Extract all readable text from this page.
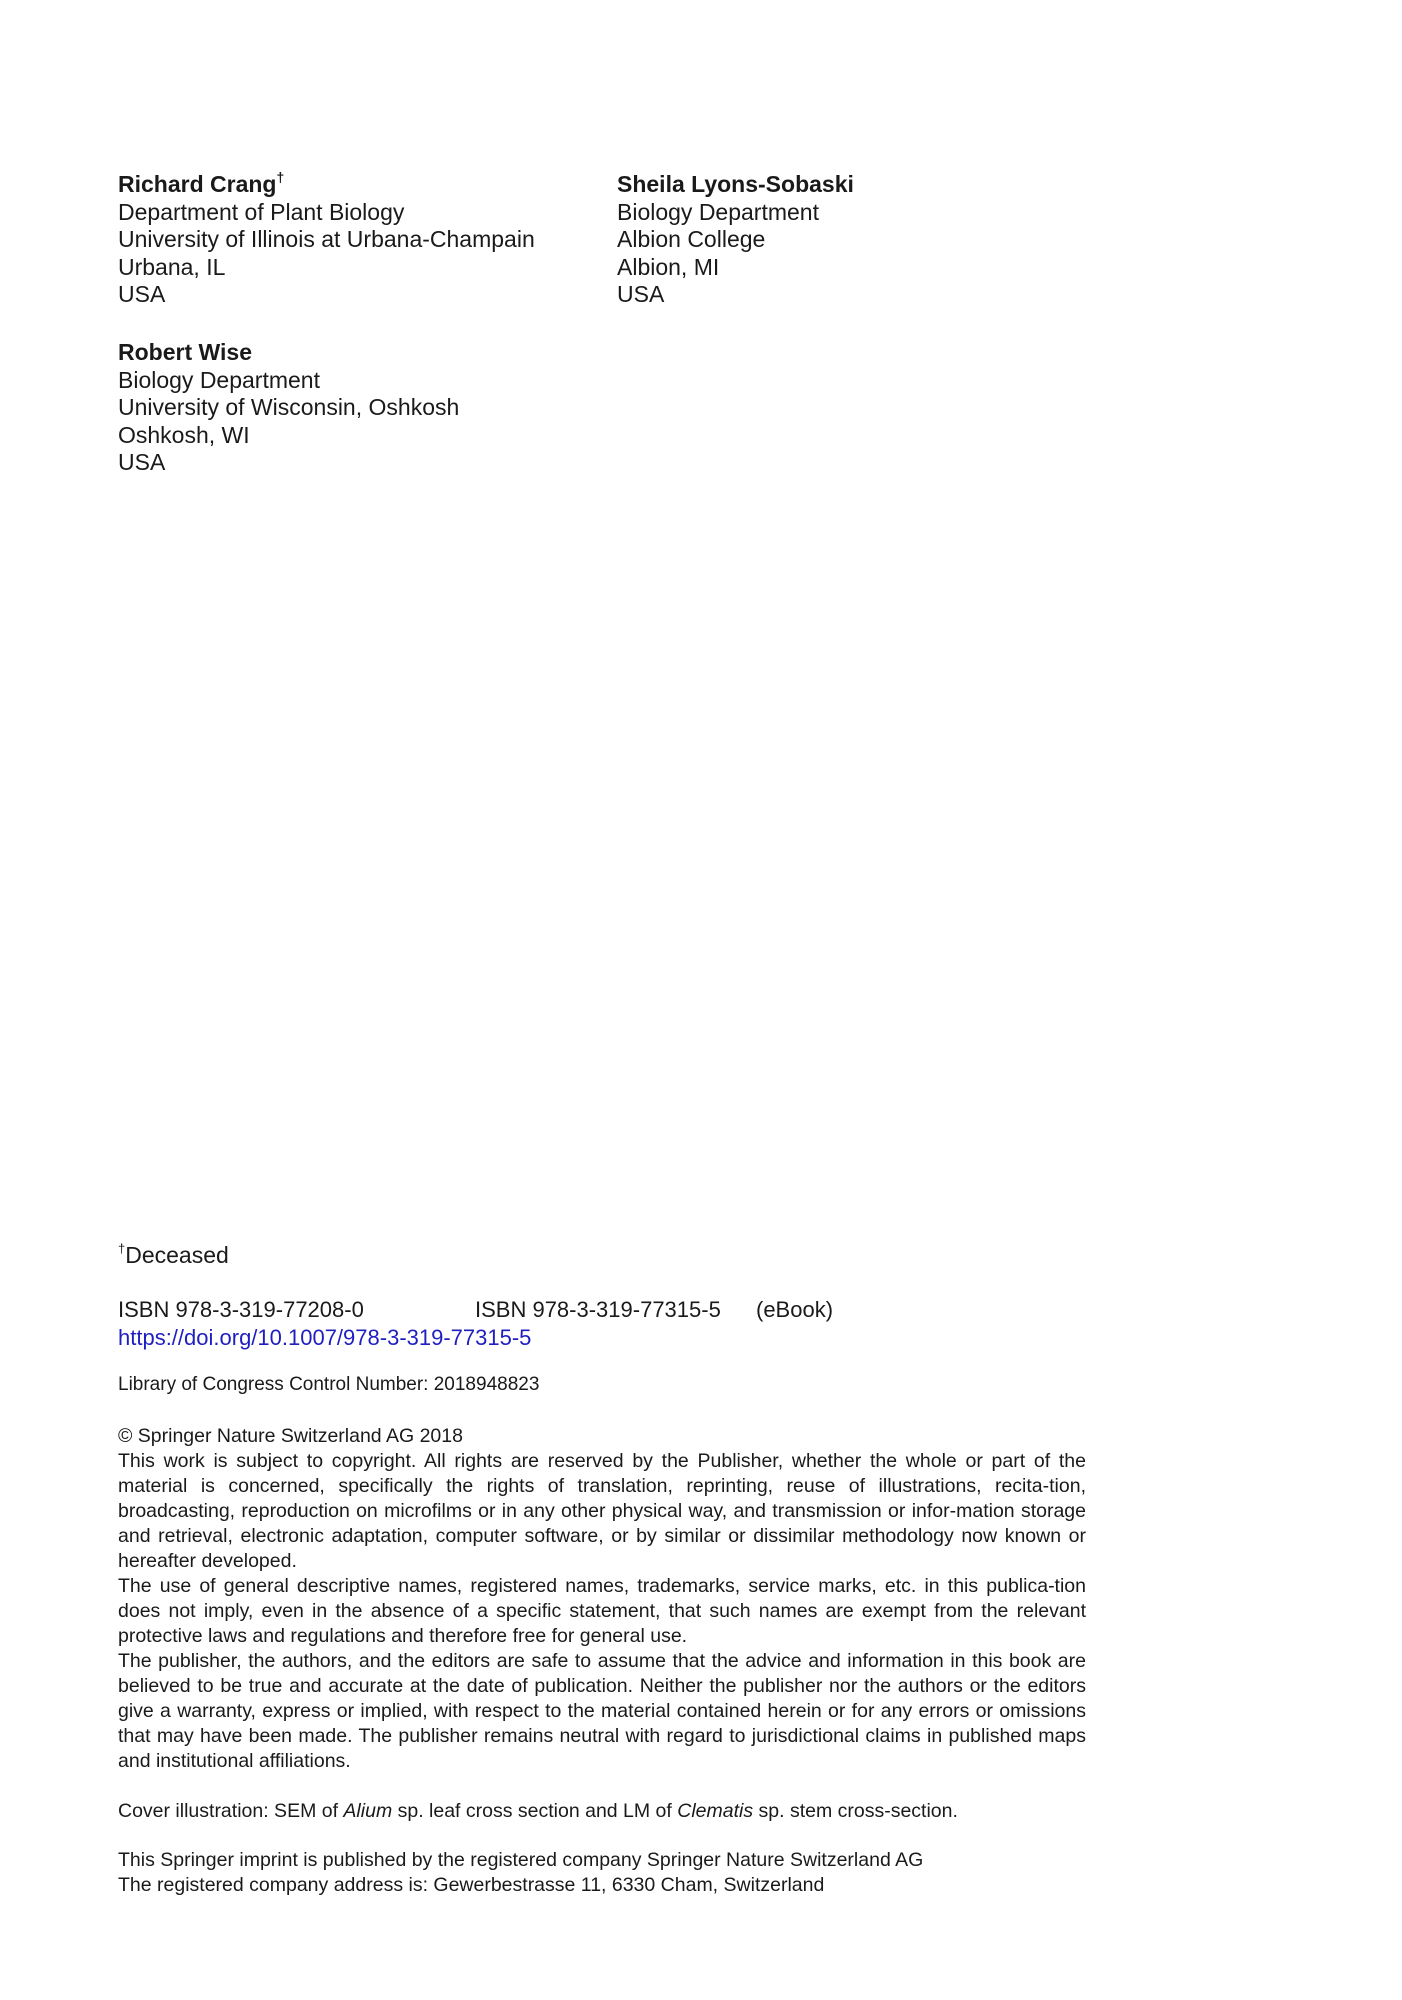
Richard Crang†
Department of Plant Biology
University of Illinois at Urbana-Champain
Urbana, IL
USA
Sheila Lyons-Sobaski
Biology Department
Albion College
Albion, MI
USA
Robert Wise
Biology Department
University of Wisconsin, Oshkosh
Oshkosh, WI
USA
†Deceased
ISBN 978-3-319-77208-0	ISBN 978-3-319-77315-5 (eBook)
https://doi.org/10.1007/978-3-319-77315-5
Library of Congress Control Number: 2018948823

© Springer Nature Switzerland AG 2018

This work is subject to copyright. All rights are reserved by the Publisher, whether the whole or part of the material is concerned, specifically the rights of translation, reprinting, reuse of illustrations, recita-tion, broadcasting, reproduction on microfilms or in any other physical way, and transmission or infor-mation storage and retrieval, electronic adaptation, computer software, or by similar or dissimilar methodology now known or hereafter developed.

The use of general descriptive names, registered names, trademarks, service marks, etc. in this publica-tion does not imply, even in the absence of a specific statement, that such names are exempt from the relevant protective laws and regulations and therefore free for general use.

The publisher, the authors, and the editors are safe to assume that the advice and information in this book are believed to be true and accurate at the date of publication. Neither the publisher nor the authors or the editors give a warranty, express or implied, with respect to the material contained herein or for any errors or omissions that may have been made. The publisher remains neutral with regard to jurisdictional claims in published maps and institutional affiliations.

Cover illustration: SEM of Alium sp. leaf cross section and LM of Clematis sp. stem cross-section.
This Springer imprint is published by the registered company Springer Nature Switzerland AG
The registered company address is: Gewerbestrasse 11, 6330 Cham, Switzerland
